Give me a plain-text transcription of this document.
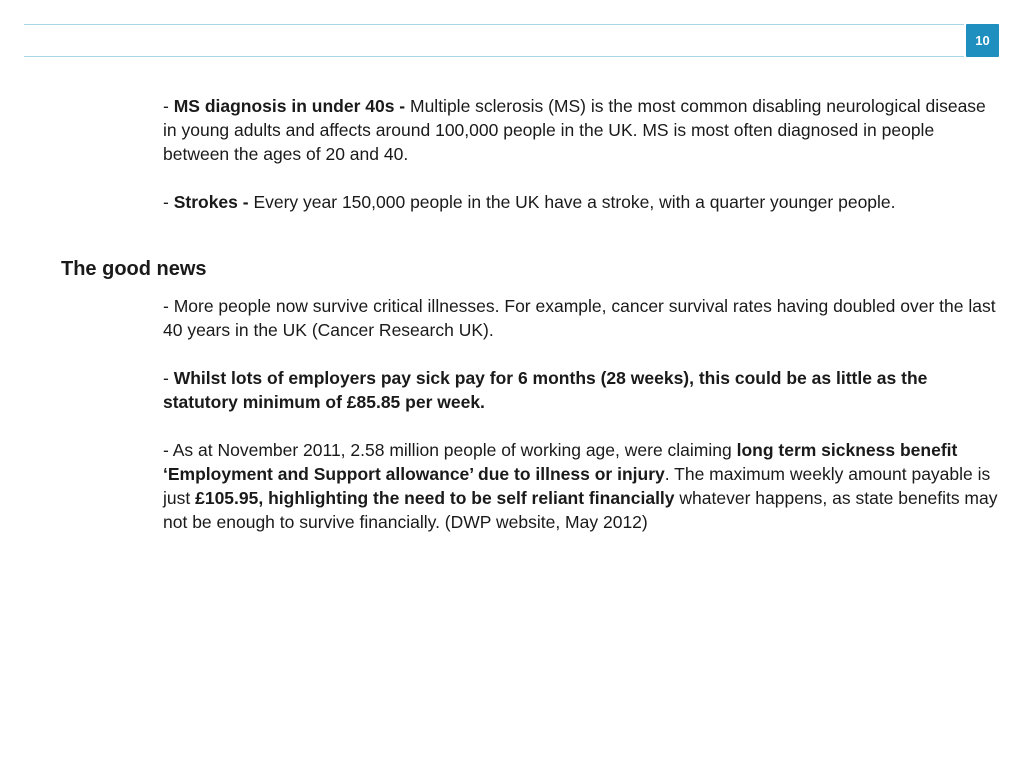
10
- MS diagnosis in under 40s - Multiple sclerosis (MS) is the most common disabling neurological disease in young adults and affects around 100,000 people in the UK. MS is most often diagnosed in people between the ages of 20 and 40.
- Strokes - Every year 150,000 people in the UK have a stroke, with a quarter younger people.
The good news
- More people now survive critical illnesses. For example, cancer survival rates having doubled over the last 40 years in the UK (Cancer Research UK).
- Whilst lots of employers pay sick pay for 6 months (28 weeks), this could be as little as the statutory minimum of £85.85 per week.
- As at November 2011, 2.58 million people of working age, were claiming long term sickness benefit ‘Employment and Support allowance’ due to illness or injury. The maximum weekly amount payable is just £105.95, highlighting the need to be self reliant financially whatever happens, as state benefits may not be enough to survive financially. (DWP website, May 2012)
